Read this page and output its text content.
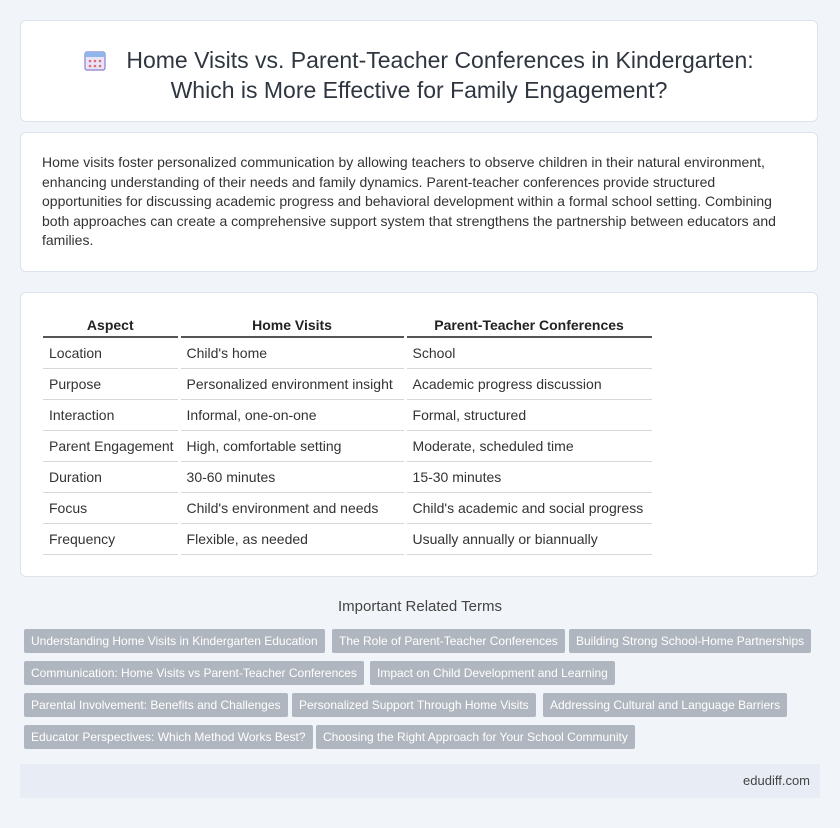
Home Visits vs. Parent-Teacher Conferences in Kindergarten:
Which is More Effective for Family Engagement?
Home visits foster personalized communication by allowing teachers to observe children in their natural environment, enhancing understanding of their needs and family dynamics. Parent-teacher conferences provide structured opportunities for discussing academic progress and behavioral development within a formal school setting. Combining both approaches can create a comprehensive support system that strengthens the partnership between educators and families.
Aspect		Home Visits		Parent-Teacher Conferences
Location		Child's home		School
Purpose		Personalized environment insight		Academic progress discussion
Interaction		Informal, one-on-one		Formal, structured
Parent Engagement		High, comfortable setting		Moderate, scheduled time
Duration		30-60 minutes		15-30 minutes
Focus		Child's environment and needs		Child's academic and social progress
Frequency		Flexible, as needed		Usually annually or biannually
Important Related Terms
Understanding Home Visits in Kindergarten Education	The Role of Parent-Teacher Conferences	Building Strong School-Home Partnerships
Communication: Home Visits vs Parent-Teacher Conferences	Impact on Child Development and Learning
Parental Involvement: Benefits and Challenges	Personalized Support Through Home Visits	Addressing Cultural and Language Barriers
Educator Perspectives: Which Method Works Best?	Choosing the Right Approach for Your School Community
edudiff.com
